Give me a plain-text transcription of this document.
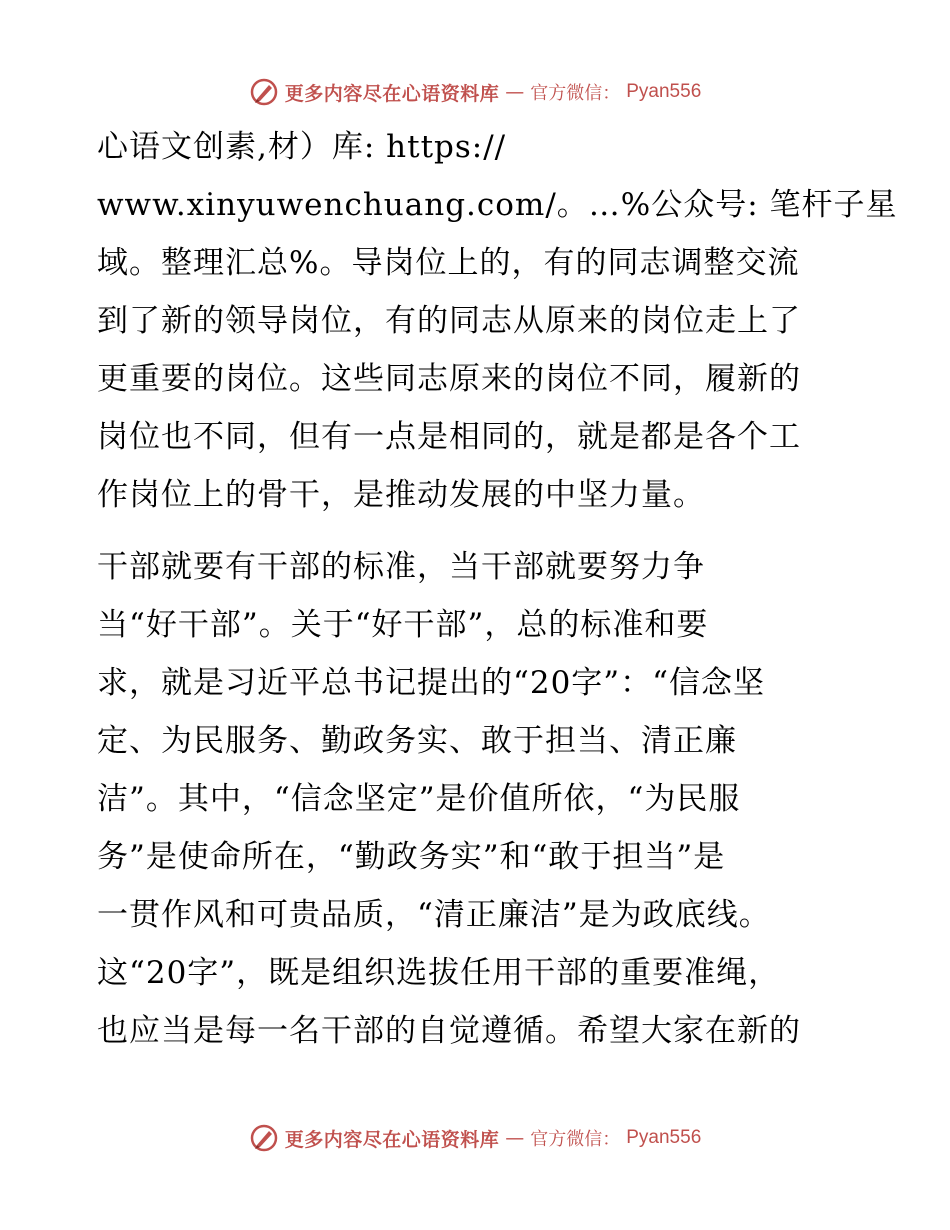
更多内容尽在心语资料库 — 官方微信： Pyan556
心语文创素,材）库: https://
www.xinyuwenchuang.com/。…%公众号: 笔杆子星
域。整理汇总%。导岗位上的，有的同志调整交流
到了新的领导岗位，有的同志从原来的岗位走上了
更重要的岗位。这些同志原来的岗位不同，履新的
岗位也不同，但有一点是相同的，就是都是各个工
作岗位上的骨干，是推动发展的中坚力量。
干部就要有干部的标准，当干部就要努力争
当“好干部”。关于“好干部”，总的标准和要
求，就是习近平总书记提出的“20字”：“信念坚
定、为民服务、勤政务实、敢于担当、清正廉
洁”。其中，“信念坚定”是价值所依，“为民服
务”是使命所在，“勤政务实”和“敢于担当”是
一贯作风和可贵品质，“清正廉洁”是为政底线。
这“20字”，既是组织选拔任用干部的重要准绳，
也应当是每一名干部的自觉遵循。希望大家在新的
更多内容尽在心语资料库 — 官方微信： Pyan556
